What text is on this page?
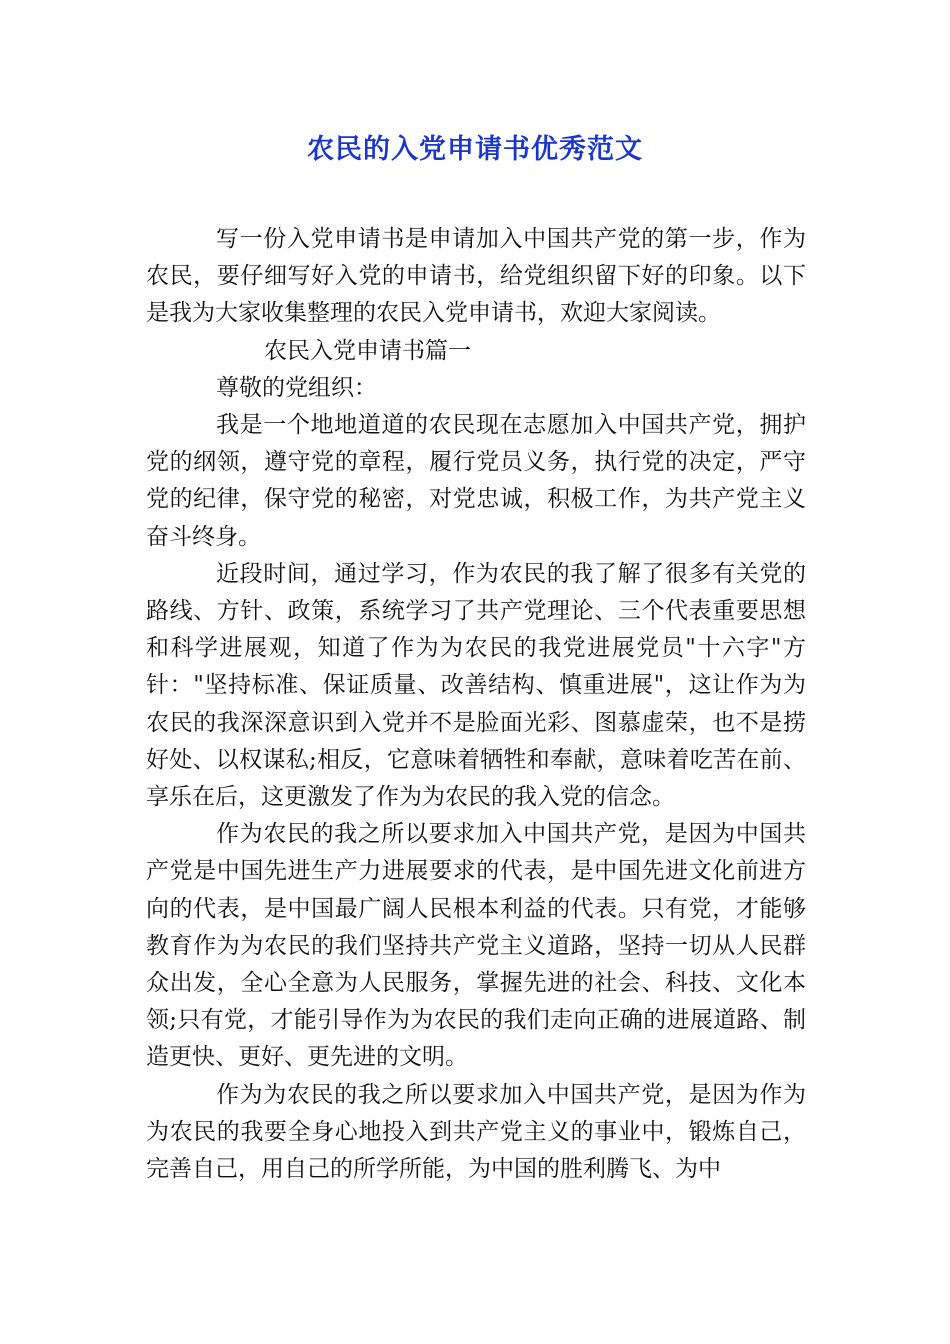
农民的入党申请书优秀范文

写一份入党申请书是申请加入中国共产党的第一步，作为农民，要仔细写好入党的申请书，给党组织留下好的印象。以下是我为大家收集整理的农民入党申请书，欢迎大家阅读。

农民入党申请书篇一

尊敬的党组织：

我是一个地地道道的农民现在志愿加入中国共产党，拥护党的纲领，遵守党的章程，履行党员义务，执行党的决定，严守党的纪律，保守党的秘密，对党忠诚，积极工作，为共产党主义奋斗终身。

近段时间，通过学习，作为农民的我了解了很多有关党的路线、方针、政策，系统学习了共产党理论、三个代表重要思想和科学进展观，知道了作为为农民的我党进展党员"十六字"方针："坚持标准、保证质量、改善结构、慎重进展"，这让作为为农民的我深深意识到入党并不是脸面光彩、图慕虚荣，也不是捞好处、以权谋私;相反，它意味着牺牲和奉献，意味着吃苦在前、享乐在后，这更激发了作为为农民的我入党的信念。

作为农民的我之所以要求加入中国共产党，是因为中国共产党是中国先进生产力进展要求的代表，是中国先进文化前进方向的代表，是中国最广阔人民根本利益的代表。只有党，才能够教育作为为农民的我们坚持共产党主义道路，坚持一切从人民群众出发，全心全意为人民服务，掌握先进的社会、科技、文化本领;只有党，才能引导作为为农民的我们走向正确的进展道路、制造更快、更好、更先进的文明。

作为为农民的我之所以要求加入中国共产党，是因为作为为农民的我要全身心地投入到共产党主义的事业中，锻炼自己，完善自己，用自己的所学所能，为中国的胜利腾飞、为中
